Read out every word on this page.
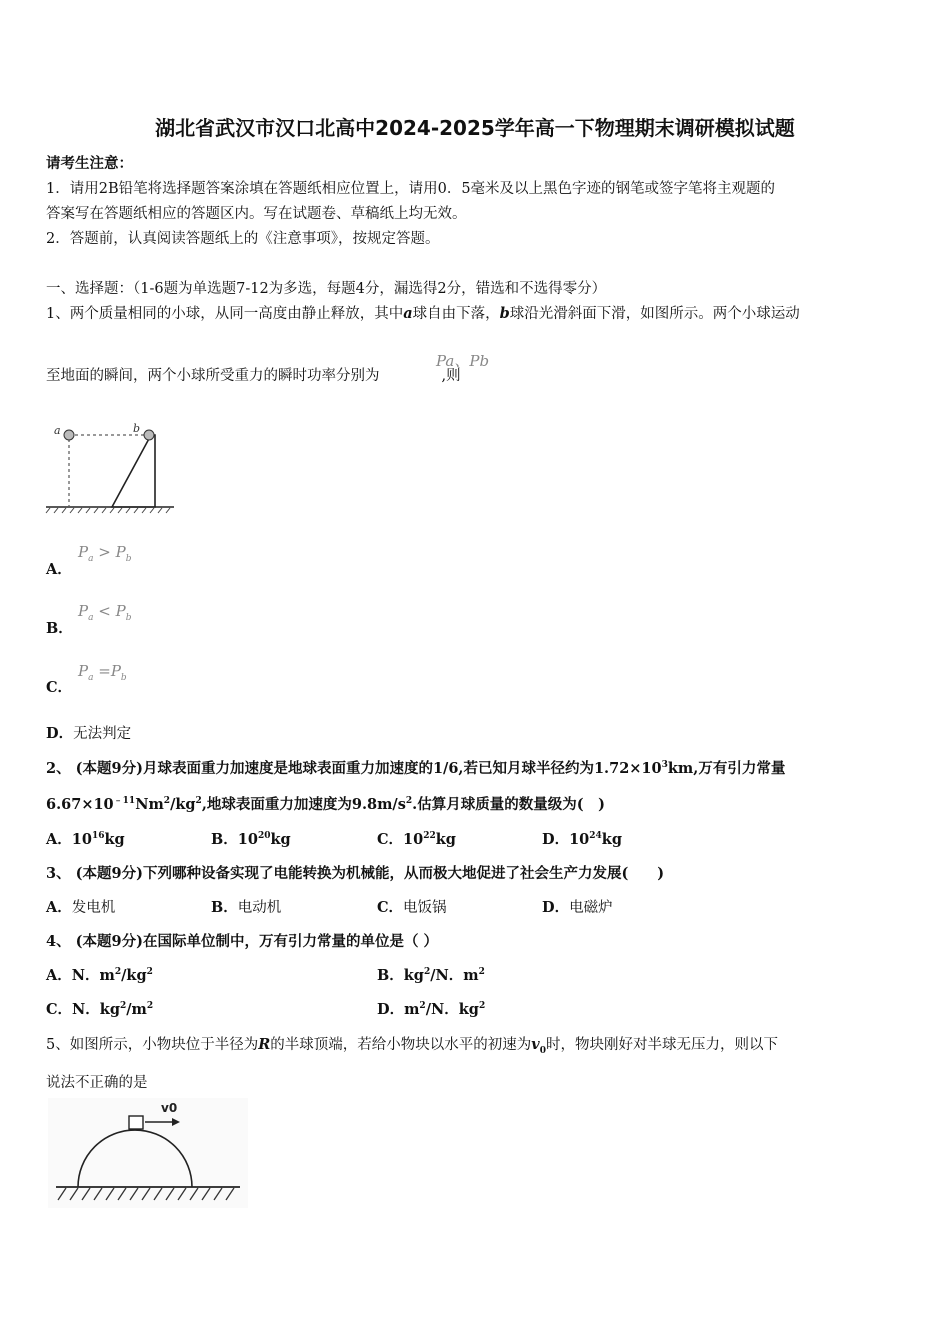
湖北省武汉市汉口北高中2024-2025学年高一下物理期末调研模拟试题
请考生注意：
1．请用2B铅笔将选择题答案涂填在答题纸相应位置上，请用0．5毫米及以上黑色字迹的钢笔或签字笔将主观题的
答案写在答题纸相应的答题区内。写在试题卷、草稿纸上均无效。
2．答题前，认真阅读答题纸上的《注意事项》，按规定答题。
一、选择题：（1-6题为单选题7-12为多选，每题4分，漏选得2分，错选和不选得零分）
1、两个质量相同的小球，从同一高度由静止释放，其中a球自由下落，b球沿光滑斜面下滑，如图所示。两个小球运动
至地面的瞬间，两个小球所受重力的瞬时功率分别为	,则
Pa、Pb
a	b
A．
$P_a > P_b$
B．
$P_a < P_b$
C．
$P_a =P_b$
D．无法判定
2、 (本题9分)月球表面重力加速度是地球表面重力加速度的1/6,若已知月球半径约为$1.72\times 10^3km$,万有引力常量
$6.67\times 10^{﹣11}Nm^2/kg^2$,地球表面重力加速度为$9.8m/s^2$.估算月球质量的数量级为(　)
A．$10^{16}kg$	B．$10^{20}kg$	C．$10^{22}kg$	D．$10^{24}kg$
3、 (本题9分)下列哪种设备实现了电能转换为机械能，从而极大地促进了社会生产力发展(　　)
A．发电机	B．电动机	C．电饭锅	D．电磁炉
4、 (本题9分)在国际单位制中，万有引力常量的单位是（ ）
A．N．$m^2/kg^2$	B．$kg^2/N$．$m^2$
C．N．$kg^2/m^2$	D．$m^2/N$．$kg^2$
5、如图所示，小物块位于半径为R的半球顶端，若给小物块以水平的初速为$v_0$时，物块刚好对半球无压力，则以下
说法不正确的是
v0
